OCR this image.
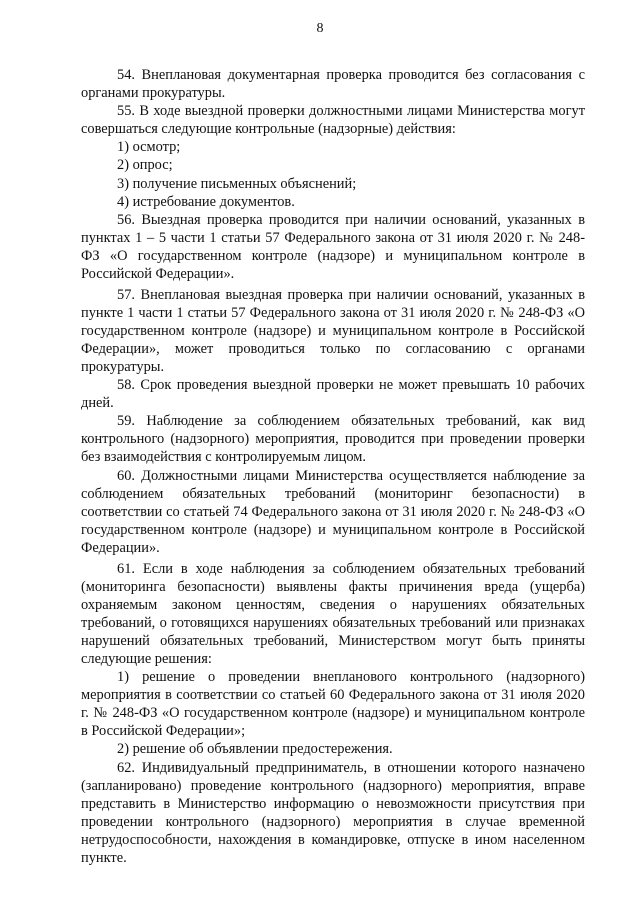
8

54. Внеплановая документарная проверка проводится без согласования с органами прокуратуры.

55. В ходе выездной проверки должностными лицами Министерства могут совершаться следующие контрольные (надзорные) действия:

1) осмотр;

2) опрос;

3) получение письменных объяснений;

4) истребование документов.

56. Выездная проверка проводится при наличии оснований, указанных в пунктах 1 – 5 части 1 статьи 57 Федерального закона от 31 июля 2020 г. № 248-ФЗ «О государственном контроле (надзоре) и муниципальном контроле в Российской Федерации».

57. Внеплановая выездная проверка при наличии оснований, указанных в пункте 1 части 1 статьи 57 Федерального закона от 31 июля 2020 г. № 248-ФЗ «О государственном контроле (надзоре) и муниципальном контроле в Российской Федерации», может проводиться только по согласованию с органами прокуратуры.

58. Срок проведения выездной проверки не может превышать 10 рабочих дней.

59. Наблюдение за соблюдением обязательных требований, как вид контрольного (надзорного) мероприятия, проводится при проведении проверки без взаимодействия с контролируемым лицом.

60. Должностными лицами Министерства осуществляется наблюдение за соблюдением обязательных требований (мониторинг безопасности) в соответствии со статьей 74 Федерального закона от 31 июля 2020 г. № 248-ФЗ «О государственном контроле (надзоре) и муниципальном контроле в Российской Федерации».

61. Если в ходе наблюдения за соблюдением обязательных требований (мониторинга безопасности) выявлены факты причинения вреда (ущерба) охраняемым законом ценностям, сведения о нарушениях обязательных требований, о готовящихся нарушениях обязательных требований или признаках нарушений обязательных требований, Министерством могут быть приняты следующие решения:

1) решение о проведении внепланового контрольного (надзорного) мероприятия в соответствии со статьей 60 Федерального закона от 31 июля 2020 г. № 248-ФЗ «О государственном контроле (надзоре) и муниципальном контроле в Российской Федерации»;

2) решение об объявлении предостережения.

62. Индивидуальный предприниматель, в отношении которого назначено (запланировано) проведение контрольного (надзорного) мероприятия, вправе представить в Министерство информацию о невозможности присутствия при проведении контрольного (надзорного) мероприятия в случае временной нетрудоспособности, нахождения в командировке, отпуске в ином населенном пункте.
